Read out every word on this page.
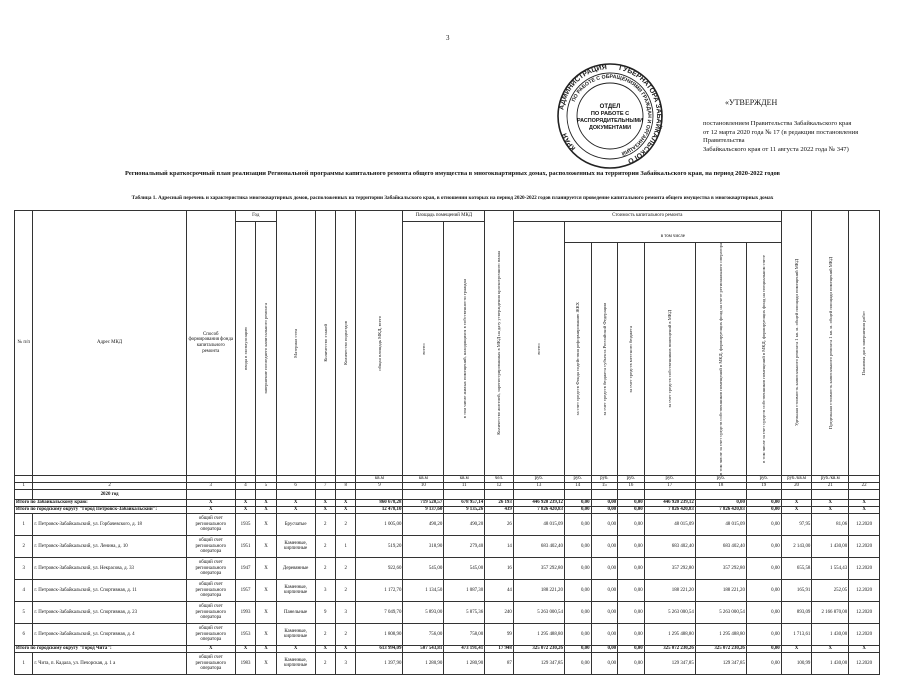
3
АДМИНИСТРАЦИЯ ГУБЕРНАТОРА ЗАБАЙКАЛЬСКОГО
КРАЯ
ПО РАБОТЕ С ОБРАЩЕНИЯМИ ГРАЖДАН И ОРГАНИЗАЦИЙ
ОТДЕЛ
ПО РАБОТЕ С
РАСПОРЯДИТЕЛЬНЫМИ
ДОКУМЕНТАМИ
«УТВЕРЖДЕН
постановлением Правительства Забайкальского края
от 12 марта 2020 года № 17 (в редакции постановления Правительства
Забайкальского края от 11 августа 2022 года № 347)
Региональный краткосрочный план реализации Региональной программы капитального ремонта общего имущества в многоквартирных домах, расположенных на территории Забайкальского края, на период 2020-2022 годов
Таблица 1. Адресный перечень и характеристика многоквартирных домов, расположенных на территории Забайкальского края, в отношении которых на период 2020-2022 годов планируется проведение капитального ремонта общего имущества в многоквартирных домах
№ п/п	Адрес МКД	Способ формирования фонда капитального ремонта	Год		Материал стен	Количество этажей	Количество подъездов	общая площадь МКД, всего	Площадь помещений МКД		Количество жителей, зарегистрированных в МКД на дату утверждения краткосрочного плана	Стоимость капитального ремонта							Удельная стоимость капитального ремонта 1 кв. м. общей площади помещений МКД	Предельная стоимость капитального ремонта 1 кв. м. общей площади помещений МКД	Плановая дата завершения работ

			ввода в эксплуатацию	завершение последнего капитального ремонта					всего:	в том числе жилых помещений, находящихся в собственности граждан		всего:									

													в том числе								

													за счет средств Фонда содействия реформированию ЖКХ	за счет средств бюджета субъекта Российской Федерации	за счет средств местного бюджета	за счет средств собственников помещений в МКД	в том числе за счет средств собственников помещений в МКД, формирующих фонд на счете регионального оператора	в том числе за счет средств собственников помещений в МКД, формирующих фонд на специальном счете			

								кв.м	кв.м	кв.м	чел.	руб.	руб.	руб.	руб.	руб.	руб.	руб.	руб./кв.м	руб./кв.м	
1	2	3	4	5	6	7	8	9	10	11	12	13	14	15	16	17	18	19	20	21	22
	2020 год																				
Итого по Забайкальскому краю:		X	X	X	X	X	X	860 678,28	719 520,57	678 957,14	26 193	446 920 239,12	0,00	0,00	0,00	446 920 239,12	0,00	0,00	X	X	X
Итого по городскому округу "Город Петровск-Забайкальский":		X	X	X	X	X	X	12 478,10	9 137,60	9 135,26	439	7 826 420,83	0,00	0,00	0,00	7 826 420,83	7 826 420,83	0,00	X	X	X
1	г. Петровск-Забайкальский, ул. Горбачевского, д. 18	общий счет регионального оператора	1935	X	Брусчатые	2	2	1 005,00	490,20	490,20	26	48 015,09	0,00	0,00	0,00	48 015,09	48 015,09	0,00	97,95	81,06	12.2020
2	г. Петровск-Забайкальский, ул. Ленина, д. 10	общий счет регионального оператора	1951	X	Каменные, кирпичные	2	1	519,20	318,90	279,40	14	683 402,40	0,00	0,00	0,00	683 402,40	683 402,40	0,00	2 143,00	1 430,00	12.2020
3	г. Петровск-Забайкальский, ул. Некрасова, д. 33	общий счет регионального оператора	1947	X	Деревянные	2	2	922,60	545,00	545,00	16	357 292,80	0,00	0,00	0,00	357 292,80	357 292,80	0,00	655,58	1 554,43	12.2020
4	г. Петровск-Забайкальский, ул. Спортивная, д. 11	общий счет регионального оператора	1957	X	Каменные, кирпичные	3	2	1 172,70	1 134,50	1 087,30	44	188 221,20	0,00	0,00	0,00	188 221,20	188 221,20	0,00	165,91	252,05	12.2020
5	г. Петровск-Забайкальский, ул. Спортивная, д. 23	общий счет регионального оператора	1993	X	Панельные	9	3	7 049,70	5 893,00	5 875,36	240	5 263 000,54	0,00	0,00	0,00	5 263 000,54	5 263 000,54	0,00	893,09	2 166 870,00	12.2020
6	г. Петровск-Забайкальский, ул. Спортивная, д. 4	общий счет регионального оператора	1953	X	Каменные, кирпичные	2	2	1 808,90	756,00	758,00	99	1 295 488,80	0,00	0,00	0,00	1 295 488,80	1 295 488,80	0,00	1 713,61	1 430,00	12.2020
Итого по городскому округу "Город Чита":		X	X	X	X	X	X	613 994,09	507 543,81	473 191,41	17 948	325 072 230,26	0,00	0,00	0,00	325 072 230,26	325 072 230,26	0,00	X	X	X
1	г. Чита, п. Кадала, ул. Печорская, д. 1 а	общий счет регионального оператора	1983	X	Каменные, кирпичные	2	3	1 397,90	1 280,90	1 280,90	87	129 347,85	0,00	0,00	0,00	129 347,85	129 347,85	0,00	100,99	1 430,00	12.2020
